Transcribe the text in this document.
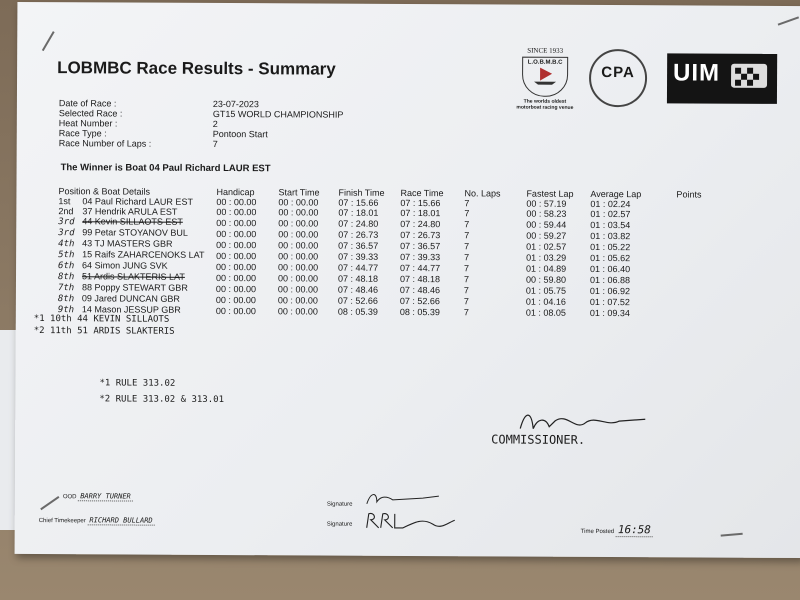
LOBMBC Race Results - Summary
SINCE 1933
L.O.B.M.B.C
The worlds oldest motorboat racing venue
CPA	UIM
Date of Race :	23-07-2023
Selected Race :	GT15 WORLD CHAMPIONSHIP
Heat Number :	2
Race Type :	Pontoon Start
Race Number of Laps :	7
The Winner is Boat 04 Paul Richard LAUR EST
Position & Boat Details	Handicap	Start Time	Finish Time	Race Time	No. Laps	Fastest Lap	Average Lap	Points
1st 04 Paul Richard LAUR EST	00 : 00.00	00 : 00.00	07 : 15.66	07 : 15.66	7	00 : 57.19	01 : 02.24	
2nd 37 Hendrik ARULA EST	00 : 00.00	00 : 00.00	07 : 18.01	07 : 18.01	7	00 : 58.23	01 : 02.57	
3rd 44 Kevin SILLAOTS EST	00 : 00.00	00 : 00.00	07 : 24.80	07 : 24.80	7	00 : 59.44	01 : 03.54	
3rd 99 Petar STOYANOV BUL	00 : 00.00	00 : 00.00	07 : 26.73	07 : 26.73	7	00 : 59.27	01 : 03.82	
4th 43 TJ MASTERS GBR	00 : 00.00	00 : 00.00	07 : 36.57	07 : 36.57	7	01 : 02.57	01 : 05.22	
5th 15 Raifs ZAHARCENOKS LAT	00 : 00.00	00 : 00.00	07 : 39.33	07 : 39.33	7	01 : 03.29	01 : 05.62	
6th 64 Simon JUNG SVK	00 : 00.00	00 : 00.00	07 : 44.77	07 : 44.77	7	01 : 04.89	01 : 06.40	
8th 51 Ardis SLAKTERIS LAT	00 : 00.00	00 : 00.00	07 : 48.18	07 : 48.18	7	00 : 59.80	01 : 06.88	
7th 88 Poppy STEWART GBR	00 : 00.00	00 : 00.00	07 : 48.46	07 : 48.46	7	01 : 05.75	01 : 06.92	
8th 09 Jared DUNCAN GBR	00 : 00.00	00 : 00.00	07 : 52.66	07 : 52.66	7	01 : 04.16	01 : 07.52	
9th 14 Mason JESSUP GBR	00 : 00.00	00 : 00.00	08 : 05.39	08 : 05.39	7	01 : 08.05	01 : 09.34	
*1 10th 44 KEVIN SILLAOTS
*2 11th 51 ARDIS SLAKTERIS
*1 RULE 313.02
*2 RULE 313.02 & 313.01
COMMISSIONER.
OOD BARRY TURNER
Chief Timekeeper RICHARD BULLARD
Signature
Signature
Time Posted 16:58
